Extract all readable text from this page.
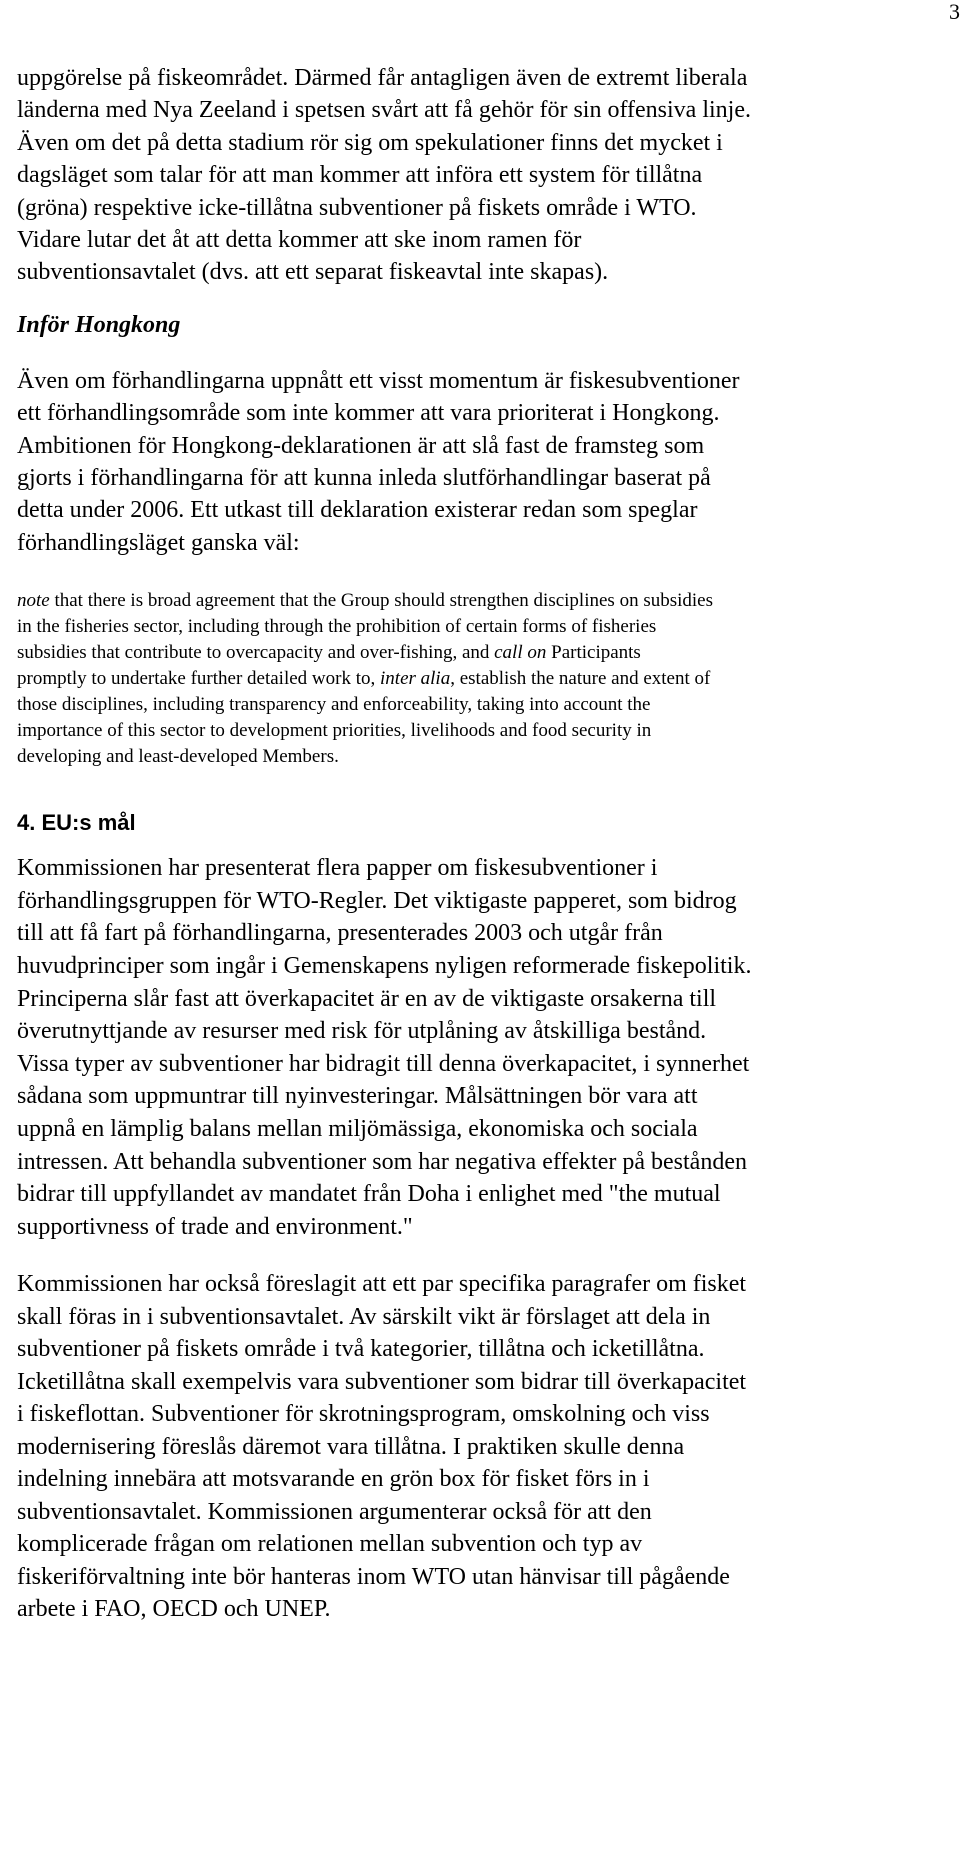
3
uppgörelse på fiskeområdet. Därmed får antagligen även de extremt liberala
länderna med Nya Zeeland i spetsen svårt att få gehör för sin offensiva linje.
Även om det på detta stadium rör sig om spekulationer finns det mycket i
dagsläget som talar för att man kommer att införa ett system för tillåtna
(gröna) respektive icke-tillåtna subventioner på fiskets område i WTO.
Vidare lutar det åt att detta kommer att ske inom ramen för
subventionsavtalet (dvs. att ett separat fiskeavtal inte skapas).
Inför Hongkong
Även om förhandlingarna uppnått ett visst momentum är fiskesubventioner
ett förhandlingsområde som inte kommer att vara prioriterat i Hongkong.
Ambitionen för Hongkong-deklarationen är att slå fast de framsteg som
gjorts i förhandlingarna för att kunna inleda slutförhandlingar baserat på
detta under 2006. Ett utkast till deklaration existerar redan som speglar
förhandlingsläget ganska väl:
note that there is broad agreement that the Group should strengthen disciplines on subsidies
in the fisheries sector, including through the prohibition of certain forms of fisheries
subsidies that contribute to overcapacity and over-fishing, and call on Participants
promptly to undertake further detailed work to, inter alia, establish the nature and extent of
those disciplines, including transparency and enforceability, taking into account the
importance of this sector to development priorities, livelihoods and food security in
developing and least-developed Members.
4. EU:s mål
Kommissionen har presenterat flera papper om fiskesubventioner i
förhandlingsgruppen för WTO-Regler. Det viktigaste papperet, som bidrog
till att få fart på förhandlingarna, presenterades 2003 och utgår från
huvudprinciper som ingår i Gemenskapens nyligen reformerade fiskepolitik.
Principerna slår fast att överkapacitet är en av de viktigaste orsakerna till
överutnyttjande av resurser med risk för utplåning av åtskilliga bestånd.
Vissa typer av subventioner har bidragit till denna överkapacitet, i synnerhet
sådana som uppmuntrar till nyinvesteringar. Målsättningen bör vara att
uppnå en lämplig balans mellan miljömässiga, ekonomiska och sociala
intressen. Att behandla subventioner som har negativa effekter på bestånden
bidrar till uppfyllandet av mandatet från Doha i enlighet med "the mutual
supportivness of trade and environment."
Kommissionen har också föreslagit att ett par specifika paragrafer om fisket
skall föras in i subventionsavtalet. Av särskilt vikt är förslaget att dela in
subventioner på fiskets område i två kategorier, tillåtna och icketillåtna.
Icketillåtna skall exempelvis vara subventioner som bidrar till överkapacitet
i fiskeflottan. Subventioner för skrotningsprogram, omskolning och viss
modernisering föreslås däremot vara tillåtna. I praktiken skulle denna
indelning innebära att motsvarande en grön box för fisket förs in i
subventionsavtalet. Kommissionen argumenterar också för att den
komplicerade frågan om relationen mellan subvention och typ av
fiskeriförvaltning inte bör hanteras inom WTO utan hänvisar till pågående
arbete i FAO, OECD och UNEP.
